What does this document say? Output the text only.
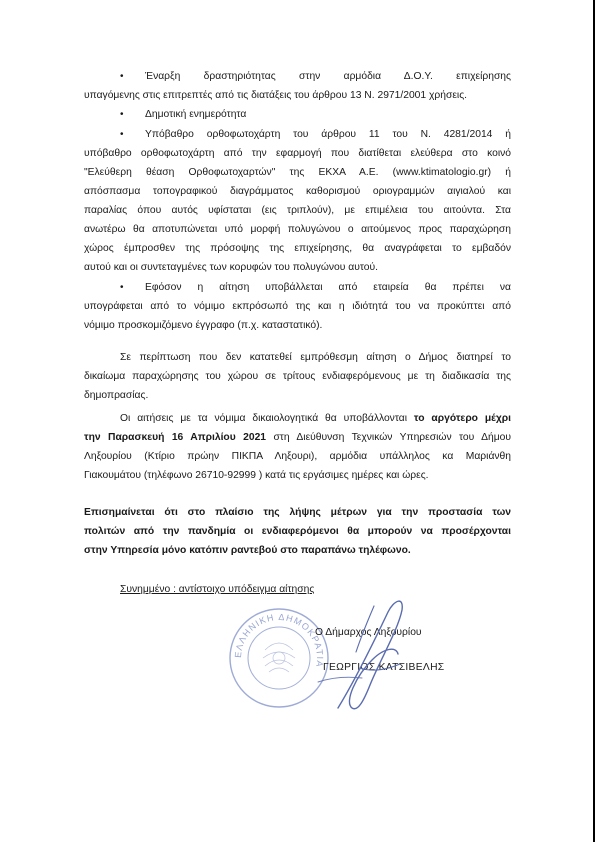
• Έναρξη δραστηριότητας στην αρμόδια Δ.Ο.Υ. επιχείρησης
υπαγόμενης στις επιτρεπτές από τις διατάξεις του άρθρου 13 Ν. 2971/2001 χρήσεις.
• Δημοτική ενημερότητα
• Υπόβαθρο ορθοφωτοχάρτη του άρθρου 11 του Ν. 4281/2014 ή
υπόβαθρο ορθοφωτοχάρτη από την εφαρμογή που διατίθεται ελεύθερα στο κοινό
"Ελεύθερη θέαση Ορθοφωτοχαρτών" της ΕΚΧΑ Α.Ε. (www.ktimatologio.gr) ή
απόσπασμα τοπογραφικού διαγράμματος καθορισμού οριογραμμών αιγιαλού και
παραλίας όπου αυτός υφίσταται (εις τριπλούν), με επιμέλεια του αιτούντα. Στα
ανωτέρω θα αποτυπώνεται υπό μορφή πολυγώνου ο αιτούμενος προς παραχώρηση
χώρος έμπροσθεν της πρόσοψης της επιχείρησης, θα αναγράφεται το εμβαδόν
αυτού και οι συντεταγμένες των κορυφών του πολυγώνου αυτού.
• Εφόσον η αίτηση υποβάλλεται από εταιρεία θα πρέπει να
υπογράφεται από το νόμιμο εκπρόσωπό της και η ιδιότητά του να προκύπτει από
νόμιμο προσκομιζόμενο έγγραφο (π.χ. καταστατικό).
Σε περίπτωση που δεν κατατεθεί εμπρόθεσμη αίτηση ο Δήμος διατηρεί το
δικαίωμα παραχώρησης του χώρου σε τρίτους ενδιαφερόμενους με τη διαδικασία της
δημοπρασίας.
Οι αιτήσεις με τα νόμιμα δικαιολογητικά θα υποβάλλονται το αργότερο μέχρι
την Παρασκευή 16 Απριλίου 2021 στη Διεύθυνση Τεχνικών Υπηρεσιών του Δήμου
Ληξουρίου (Κτίριο πρώην ΠΙΚΠΑ Ληξουρι), αρμόδια υπάλληλος κα Μαριάνθη
Γιακουμάτου (τηλέφωνο 26710-92999 ) κατά τις εργάσιμες ημέρες και ώρες.
Επισημαίνεται ότι στο πλαίσιο της λήψης μέτρων για την προστασία των
πολιτών από την πανδημία οι ενδιαφερόμενοι θα μπορούν να προσέρχονται
στην Υπηρεσία μόνο κατόπιν ραντεβού στο παραπάνω τηλέφωνο.
Συνημμένο : αντίστοιχο υπόδειγμα αίτησης
ΕΛΛΗΝΙΚΗ ΔΗΜΟΚΡΑΤΙΑ
Ο Δήμαρχος Ληξουρίου
ΓΕΩΡΓΙΟΣ ΚΑΤΣΙΒΕΛΗΣ
